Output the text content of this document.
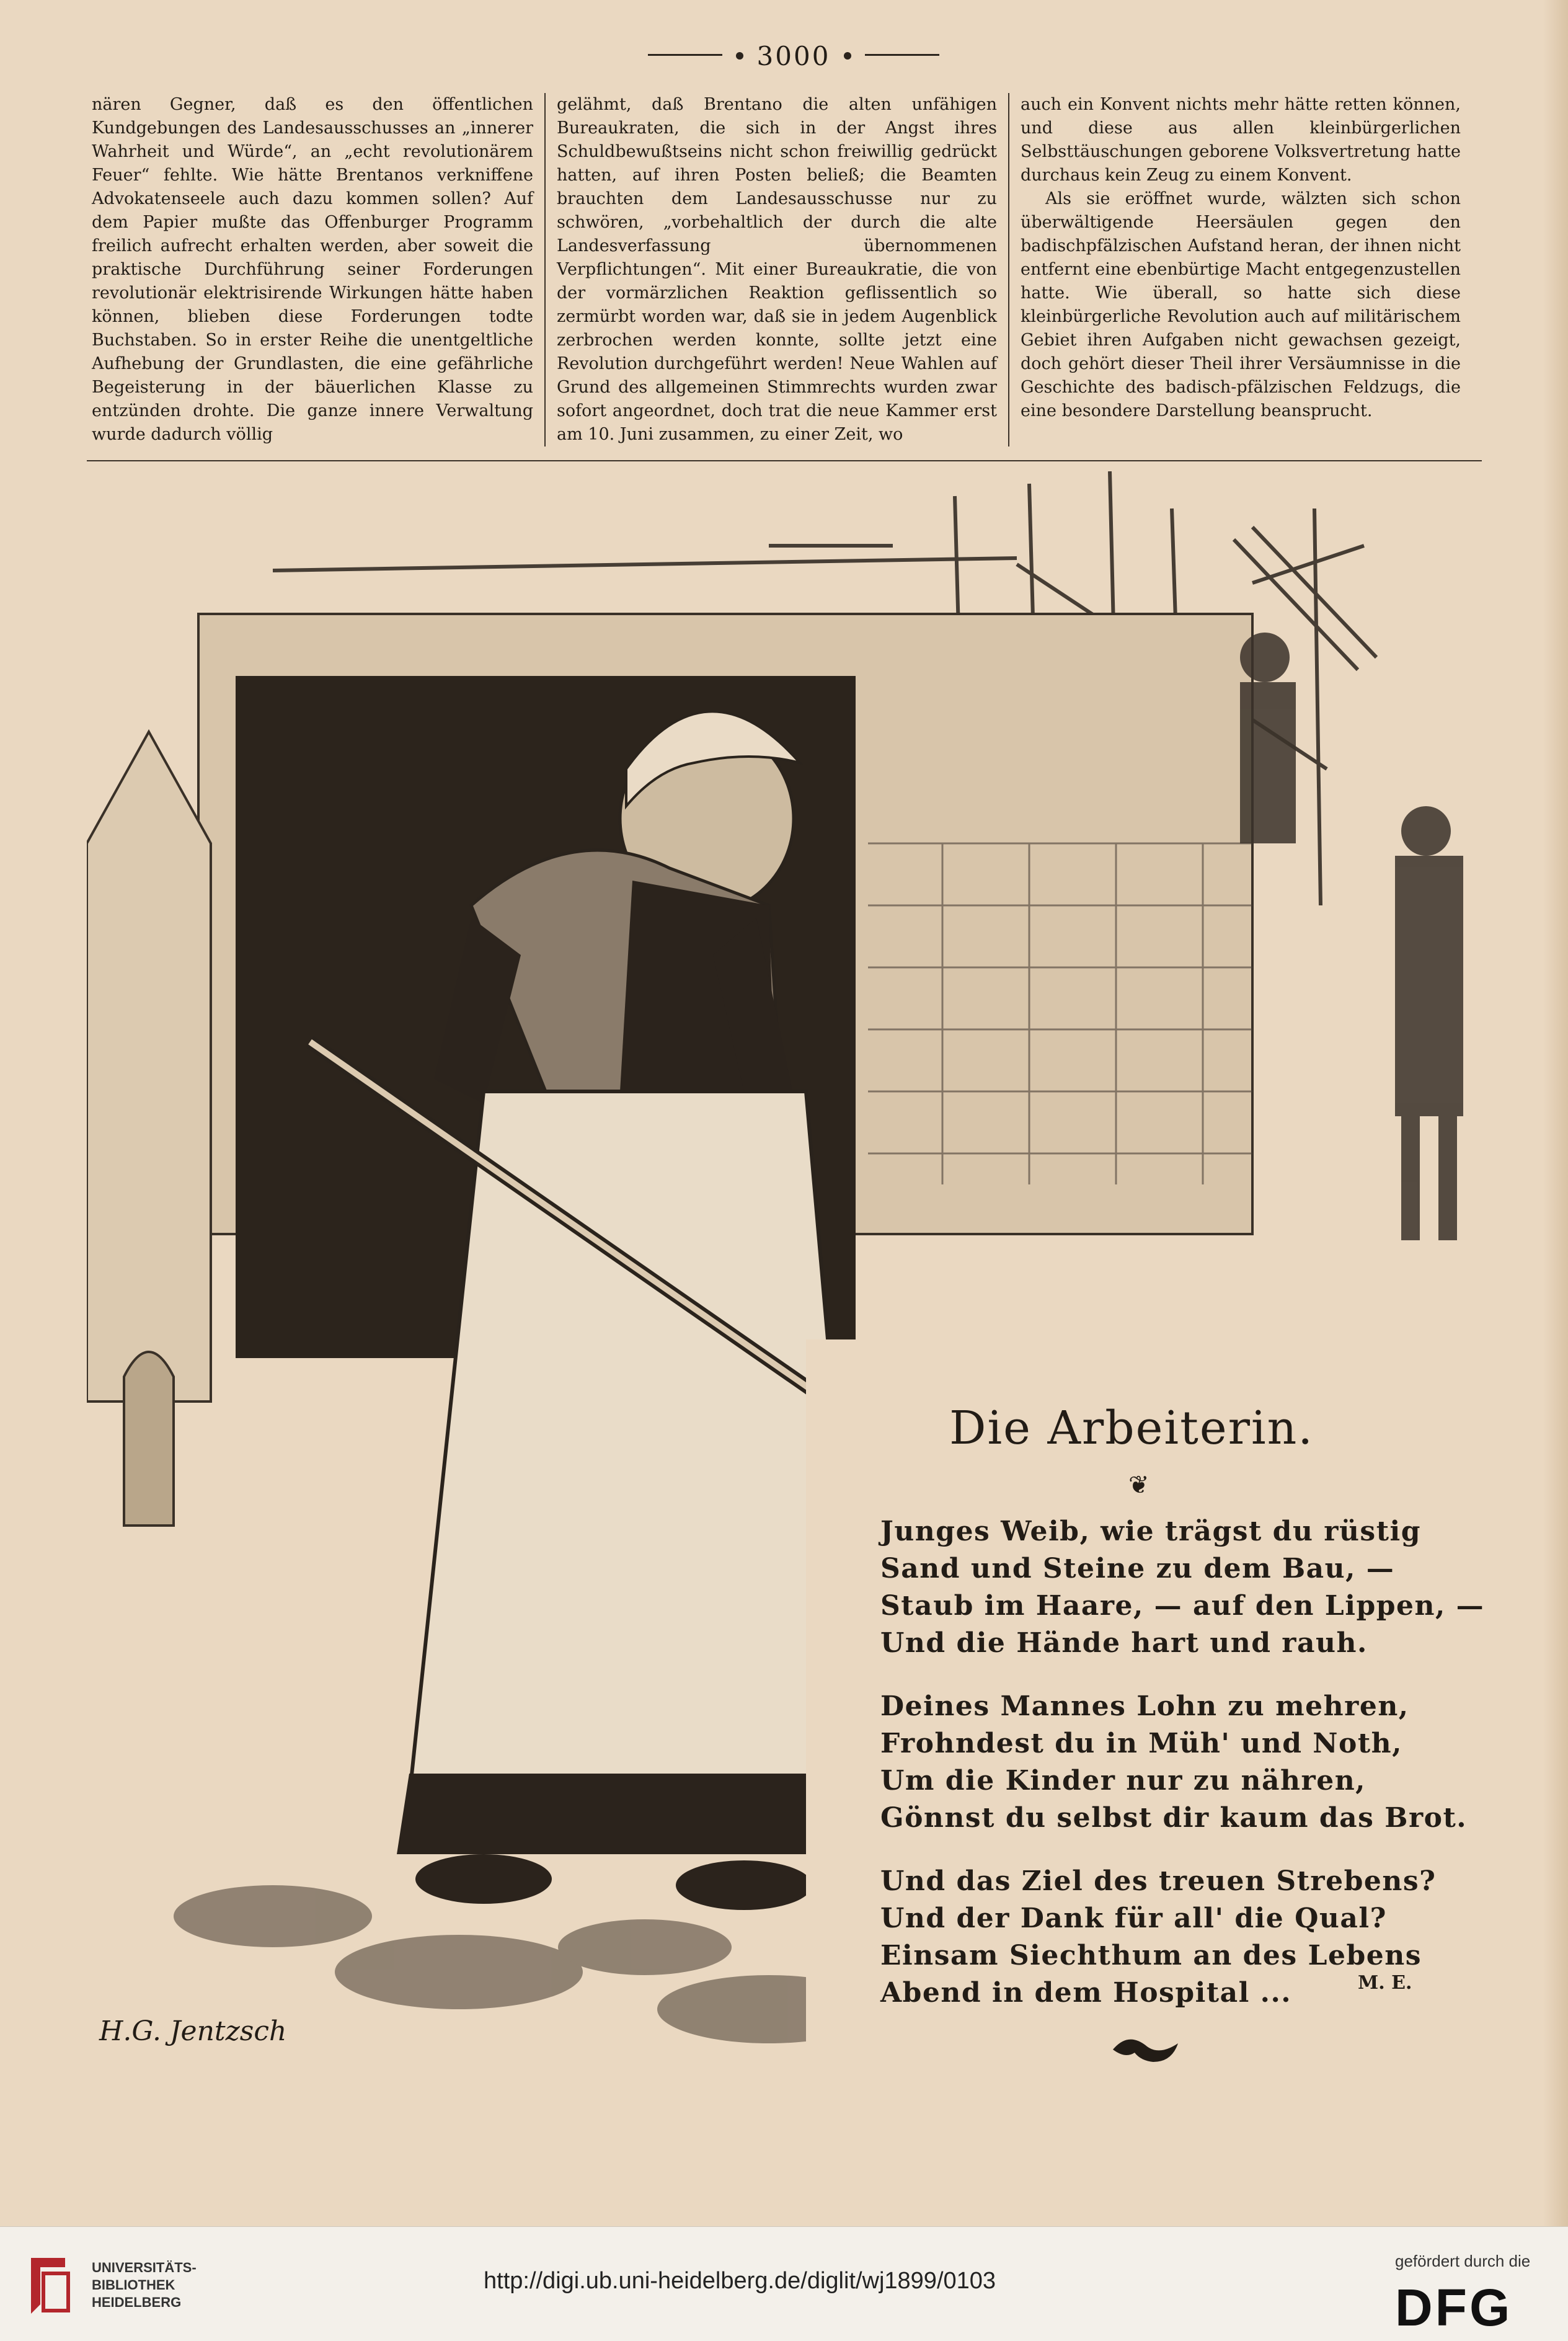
3000

nären Gegner, daß es den öffentlichen Kundgebungen des Landesausschusses an „innerer Wahrheit und Würde“, an „echt revolutionärem Feuer“ fehlte. Wie hätte Brentanos verkniffene Advokatenseele auch dazu kommen sollen? Auf dem Papier mußte das Offenburger Programm freilich aufrecht erhalten werden, aber soweit die praktische Durchführung seiner Forderungen revolutionär elektrisirende Wirkungen hätte haben können, blieben diese Forderungen todte Buchstaben. So in erster Reihe die unentgeltliche Aufhebung der Grundlasten, die eine gefährliche Begeisterung in der bäuerlichen Klasse zu entzünden drohte. Die ganze innere Verwaltung wurde dadurch völlig

gelähmt, daß Brentano die alten unfähigen Bureaukraten, die sich in der Angst ihres Schuldbewußtseins nicht schon freiwillig gedrückt hatten, auf ihren Posten beließ; die Beamten brauchten dem Landesausschusse nur zu schwören, „vorbehaltlich der durch die alte Landesverfassung übernommenen Verpflichtungen“. Mit einer Bureaukratie, die von der vormärzlichen Reaktion geflissentlich so zermürbt worden war, daß sie in jedem Augenblick zerbrochen werden konnte, sollte jetzt eine Revolution durchgeführt werden! Neue Wahlen auf Grund des allgemeinen Stimmrechts wurden zwar sofort angeordnet, doch trat die neue Kammer erst am 10. Juni zusammen, zu einer Zeit, wo

auch ein Konvent nichts mehr hätte retten können, und diese aus allen kleinbürgerlichen Selbsttäuschungen geborene Volksvertretung hatte durchaus kein Zeug zu einem Konvent.

Als sie eröffnet wurde, wälzten sich schon überwältigende Heersäulen gegen den badischpfälzischen Aufstand heran, der ihnen nicht entfernt eine ebenbürtige Macht entgegenzustellen hatte. Wie überall, so hatte sich diese kleinbürgerliche Revolution auch auf militärischem Gebiet ihren Aufgaben nicht gewachsen gezeigt, doch gehört dieser Theil ihrer Versäumnisse in die Geschichte des badisch-pfälzischen Feldzugs, die eine besondere Darstellung beansprucht.

H.G. Jentzsch
Die Arbeiterin.
❦
Junges Weib, wie trägst du rüstig
Sand und Steine zu dem Bau, —
Staub im Haare, — auf den Lippen, —
Und die Hände hart und rauh.
Deines Mannes Lohn zu mehren,
Frohndest du in Müh' und Noth,
Um die Kinder nur zu nähren,
Gönnst du selbst dir kaum das Brot.
Und das Ziel des treuen Strebens?
Und der Dank für all' die Qual?
Einsam Siechthum an des Lebens
Abend in dem Hospital ...	M. E.
UNIVERSITÄTS-
BIBLIOTHEK
HEIDELBERG
http://digi.ub.uni-heidelberg.de/diglit/wj1899/0103
gefördert durch die
DFG
